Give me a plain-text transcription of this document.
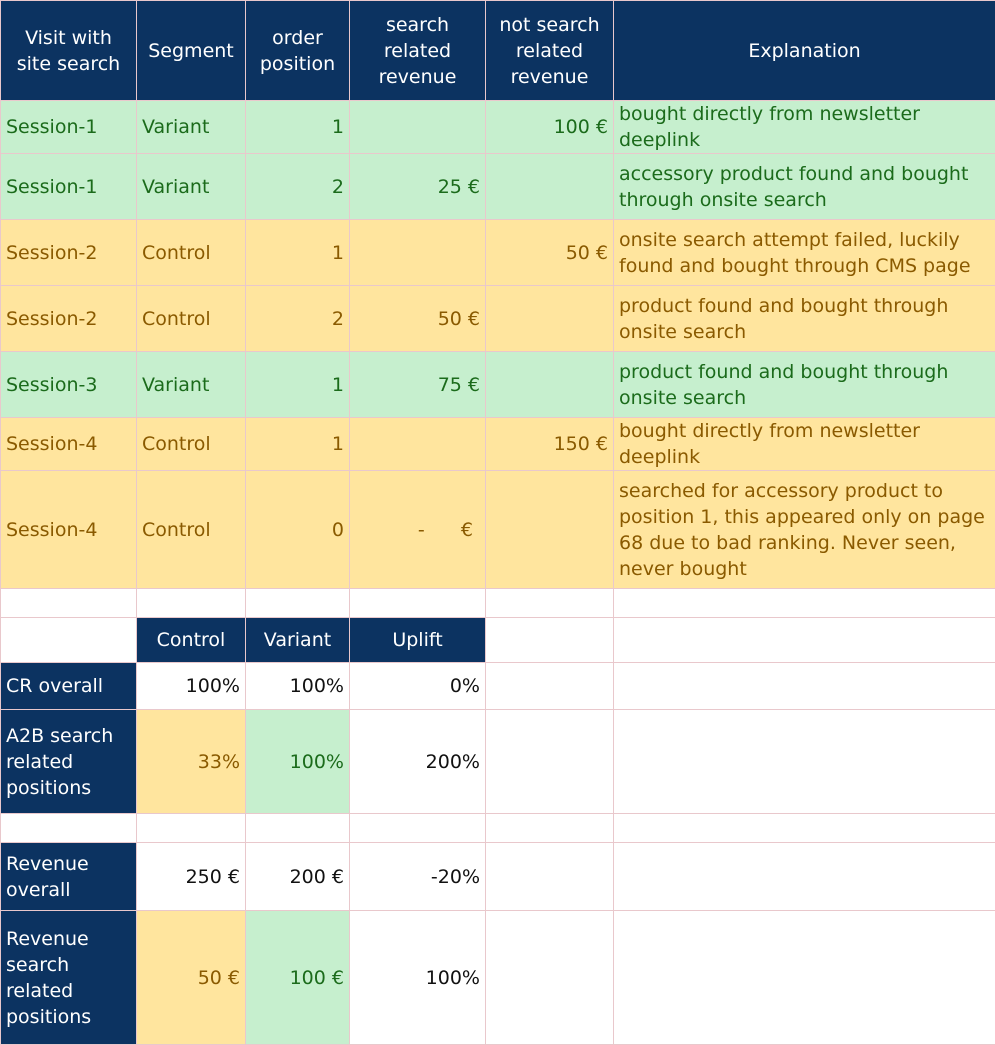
Visit with site search	Segment	order position	search related revenue	not search related revenue	Explanation
Session-1	Variant	1		100 €	bought directly from newsletter deeplink
Session-1	Variant	2	25 €		accessory product found and bought through onsite search
Session-2	Control	1		50 €	onsite search attempt failed, luckily found and bought through CMS page
Session-2	Control	2	50 €		product found and bought through onsite search
Session-3	Variant	1	75 €		product found and bought through onsite search
Session-4	Control	1		150 €	bought directly from newsletter deeplink
Session-4	Control	0	-      €		searched for accessory product to position 1, this appeared only on page 68 due to bad ranking. Never seen, never bought

	Control	Variant	Uplift		
CR overall	100%	100%	0%		
A2B search related positions	33%	100%	200%		

Revenue overall	250 €	200 €	-20%		
Revenue search related positions	50 €	100 €	100%		
